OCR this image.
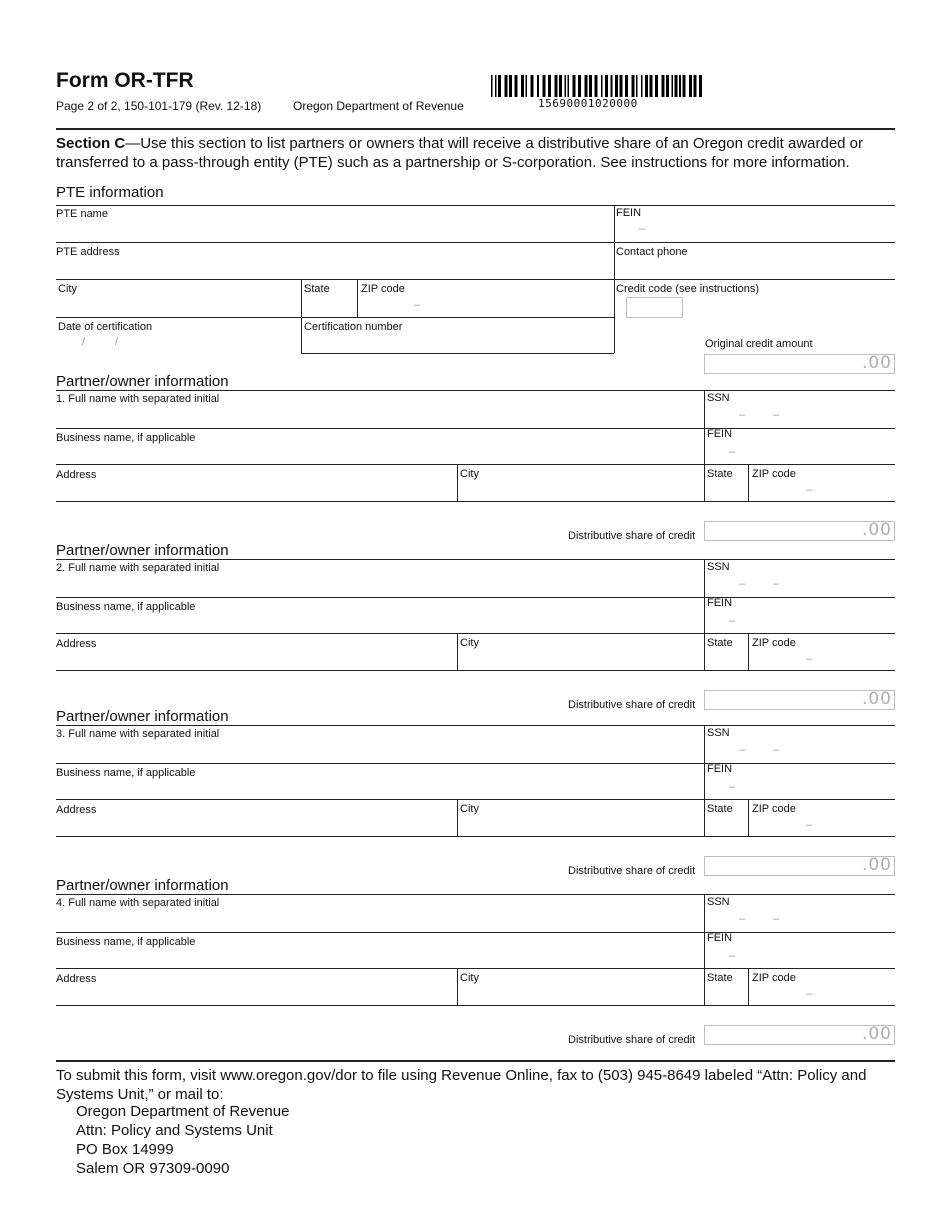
Form OR-TFR
Page 2 of 2, 150-101-179 (Rev. 12-18)	Oregon Department of Revenue	15690001020000
Section C—Use this section to list partners or owners that will receive a distributive share of an Oregon credit awarded or transferred to a pass-through entity (PTE) such as a partnership or S-corporation. See instructions for more information.
PTE information
PTE name	FEIN
–
PTE address	Contact phone
City	State	ZIP code
–
Credit code (see instructions)
Date of certification
/	/
Certification number
Original credit amount
.00
Partner/owner information
1. Full name with separated initial	SSN
–	–
Business name, if applicable	FEIN
–
Address	City	State ZIP code
–
Distributive share of credit	.00
Partner/owner information
2. Full name with separated initial	SSN
–	–
Business name, if applicable	FEIN
–
Address	City	State ZIP code
–
Distributive share of credit	.00
Partner/owner information
3. Full name with separated initial	SSN
–	–
Business name, if applicable	FEIN
–
Address	City	State ZIP code
–
Distributive share of credit	.00
Partner/owner information
4. Full name with separated initial	SSN
–	–
Business name, if applicable	FEIN
–
Address	City	State ZIP code
–
Distributive share of credit	.00
To submit this form, visit www.oregon.gov/dor to file using Revenue Online, fax to (503) 945-8649 labeled “Attn: Policy and Systems Unit,” or mail to:
Oregon Department of Revenue
Attn: Policy and Systems Unit
PO Box 14999
Salem OR 97309-0090
